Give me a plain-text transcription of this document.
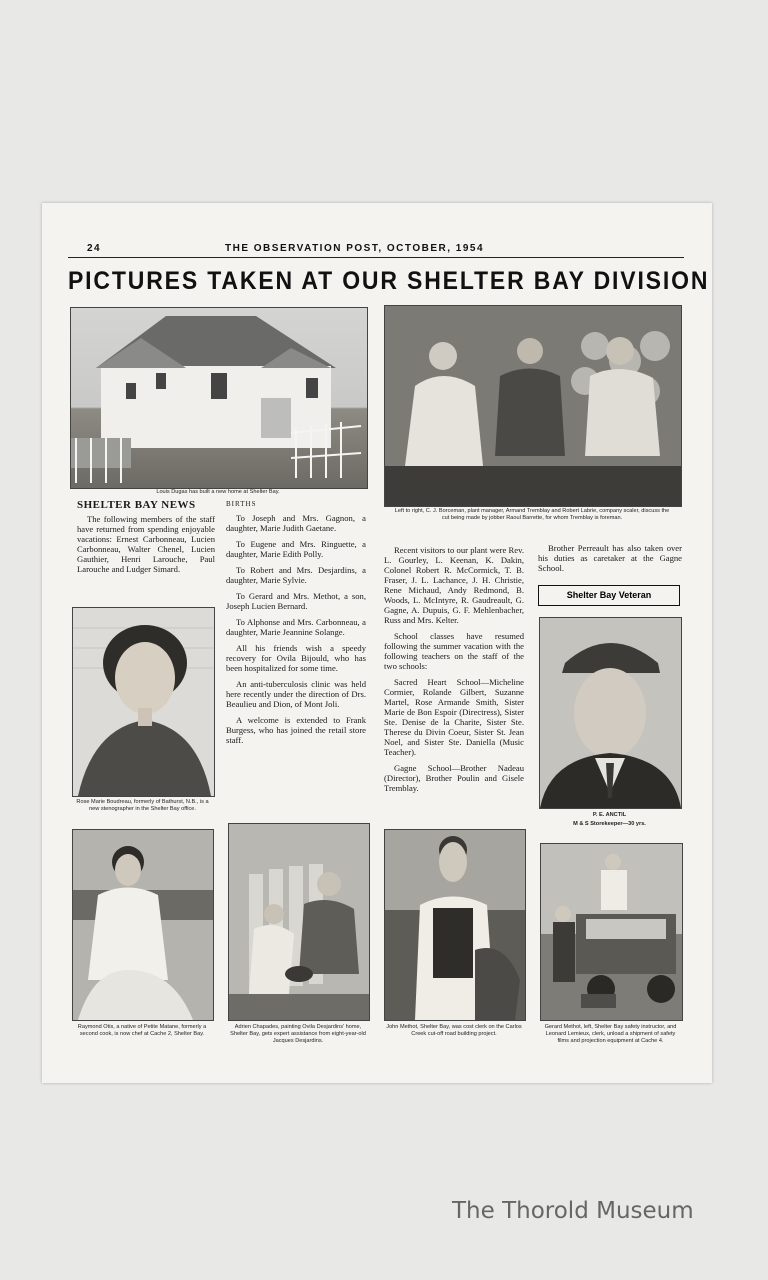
24	THE OBSERVATION POST, OCTOBER, 1954
PICTURES TAKEN AT OUR SHELTER BAY DIVISION
Louis Dugas has built a new home at Shelter Bay.
Left to right, C. J. Borceman, plant manager, Armand Tremblay and Robert Labrie, company scaler, discuss the cut being made by jobber Raoul Barrette, for whom Tremblay is foreman.
SHELTER BAY NEWS

The following members of the staff have returned from spending enjoyable vacations: Ernest Carbonneau, Lucien Carbonneau, Walter Chenel, Lucien Gauthier, Henri Larouche, Paul Larouche and Ludger Simard.

Rose Marie Boudreau, formerly of Bathurst, N.B., is a new stenographer in the Shelter Bay office.
BIRTHS

To Joseph and Mrs. Gagnon, a daughter, Marie Judith Gaetane.

To Eugene and Mrs. Ringuette, a daughter, Marie Edith Polly.

To Robert and Mrs. Desjardins, a daughter, Marie Sylvie.

To Gerard and Mrs. Methot, a son, Joseph Lucien Bernard.

To Alphonse and Mrs. Carbonneau, a daughter, Marie Jeannine Solange.

All his friends wish a speedy recovery for Ovila Bijould, who has been hospitalized for some time.

An anti-tuberculosis clinic was held here recently under the direction of Drs. Beaulieu and Dion, of Mont Joli.

A welcome is extended to Frank Burgess, who has joined the retail store staff.

Recent visitors to our plant were Rev. L. Gourley, L. Keenan, K. Dakin, Colonel Robert R. McCormick, T. B. Fraser, J. L. Lachance, J. H. Christie, Rene Michaud, Andy Redmond, B. Woods, L. McIntyre, R. Gaudreault, G. Gagne, A. Dupuis, G. F. Mehlenbacher, Russ and Mrs. Kelter.

School classes have resumed following the summer vacation with the following teachers on the staff of the two schools:

Sacred Heart School—Micheline Cormier, Rolande Gilbert, Suzanne Martel, Rose Armande Smith, Sister Marie de Bon Espoir (Directress), Sister Ste. Denise de la Charite, Sister Ste. Therese du Divin Coeur, Sister St. Jean Noel, and Sister Ste. Daniella (Music Teacher).

Gagne School—Brother Nadeau (Director), Brother Poulin and Gisele Tremblay.

Brother Perreault has also taken over his duties as caretaker at the Gagne School.

Shelter Bay Veteran
P. E. ANCTIL
M & S Storekeeper—30 yrs.
Raymond Otis, a native of Petite Matane, formerly a second cook, is now chef at Cache 2, Shelter Bay.
Adrien Chapades, painting Ovila Desjardins' home, Shelter Bay, gets expert assistance from eight-year-old Jacques Desjardins.
John Methot, Shelter Bay, was cost clerk on the Carlos Creek cut-off road building project.
Gerard Methot, left, Shelter Bay safety instructor, and Leonard Lemieux, clerk, unload a shipment of safety films and projection equipment at Cache 4.
The Thorold Museum
